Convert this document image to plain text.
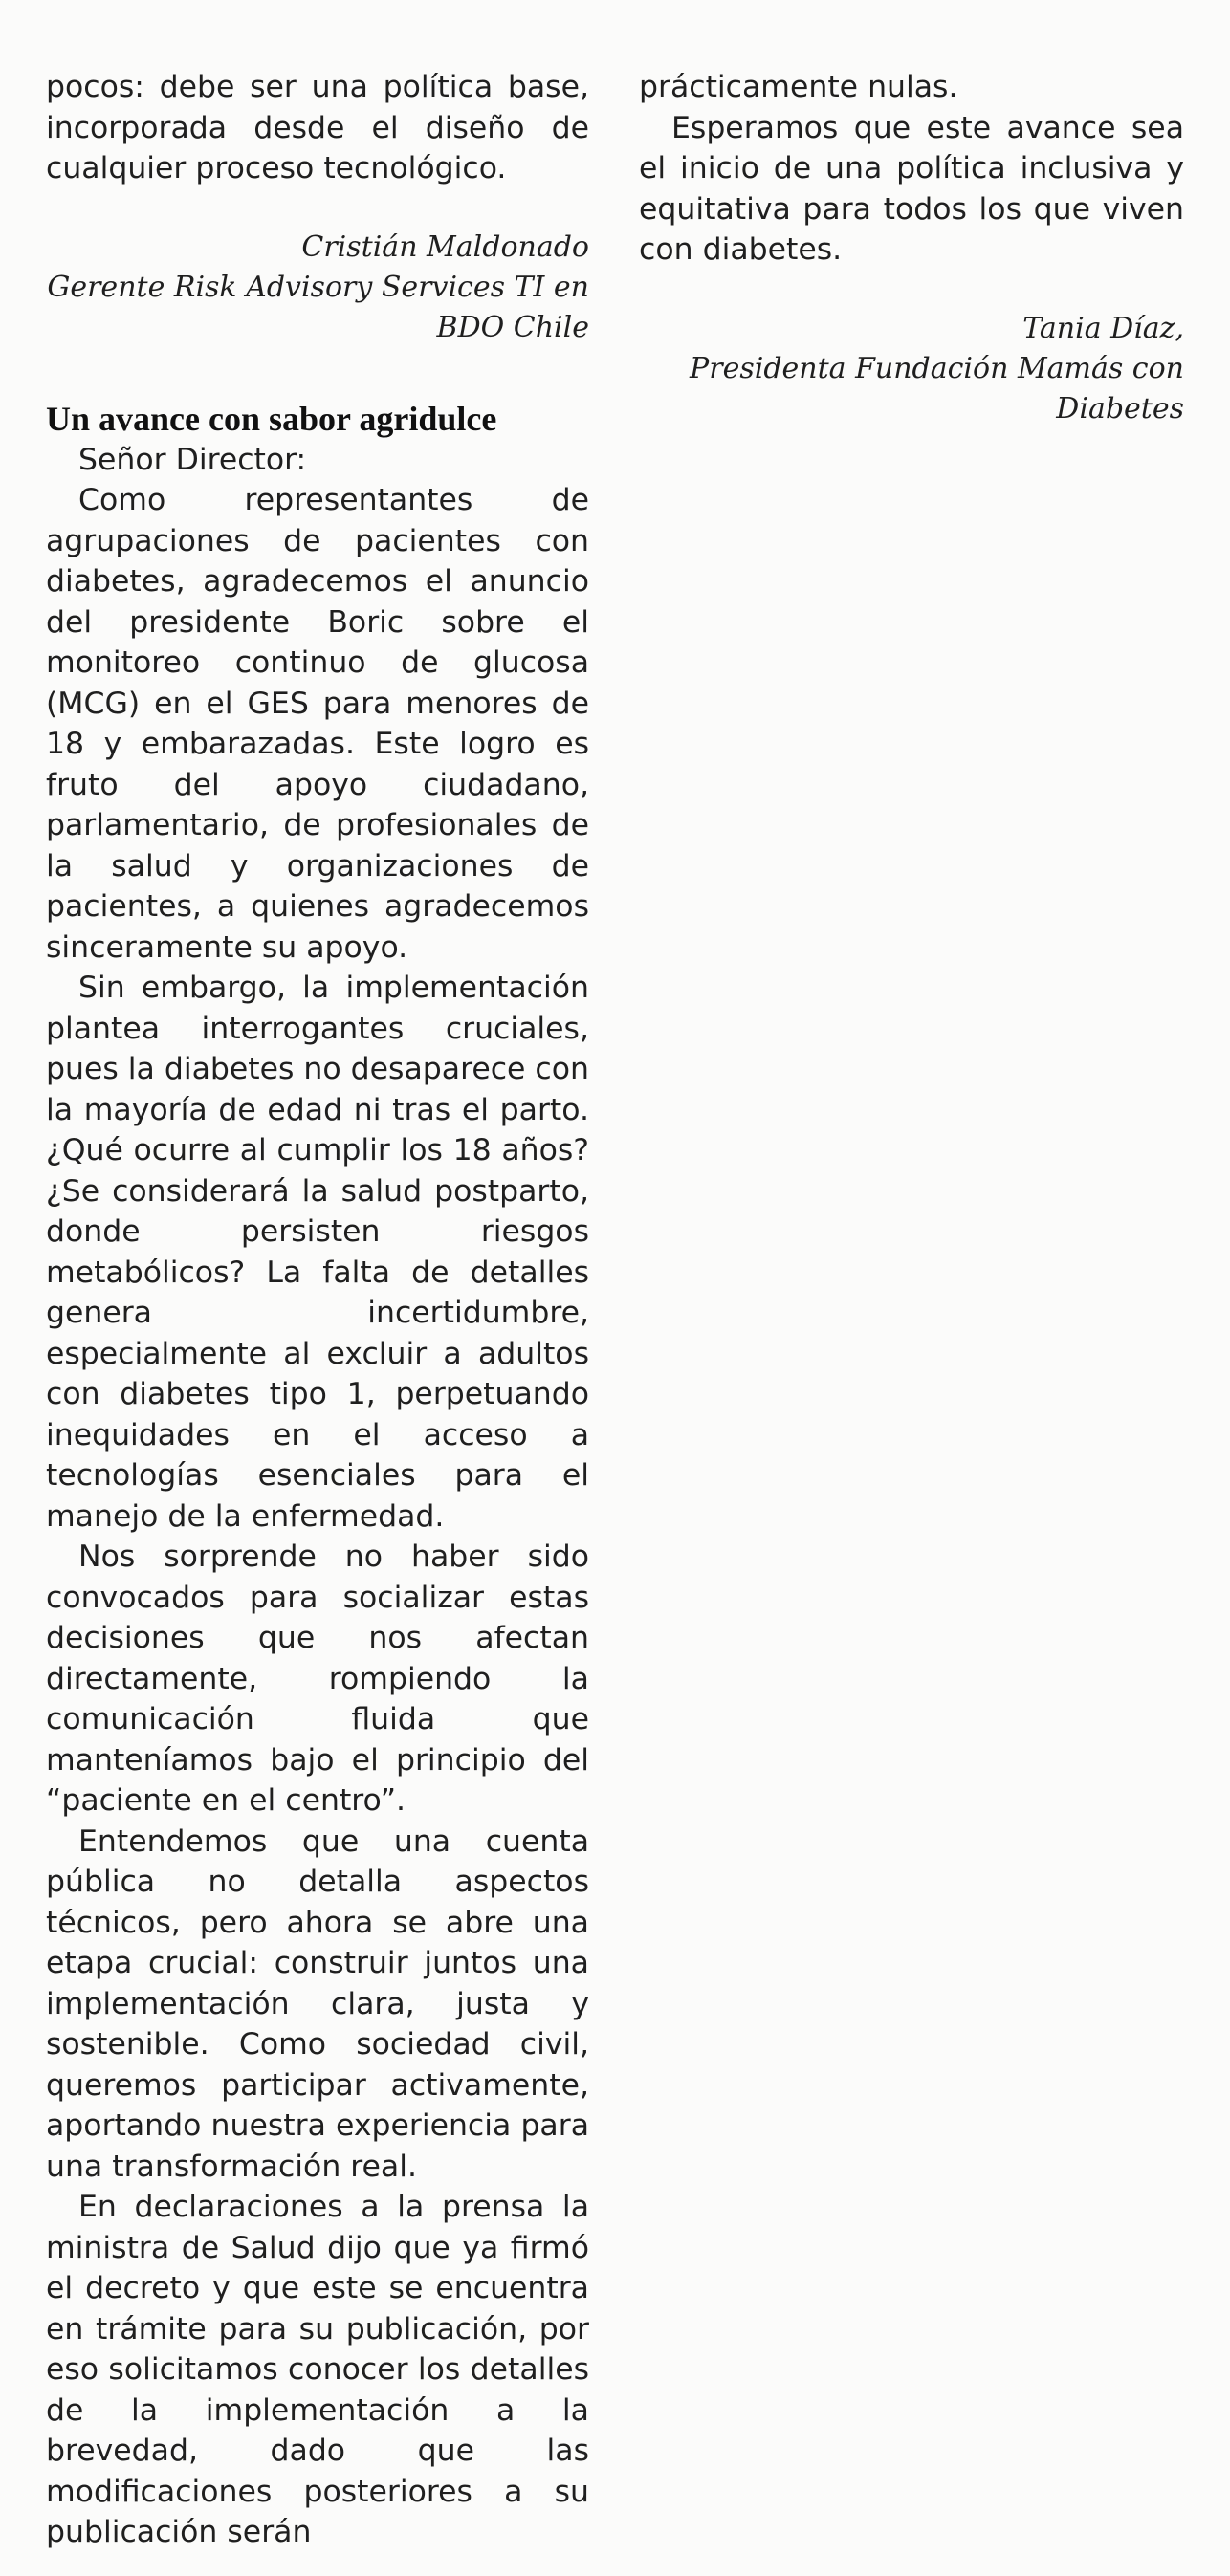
pocos: debe ser una política base, incorporada desde el diseño de cualquier proceso tecnológico.

Cristián Maldonado
Gerente Risk Advisory Services TI en
BDO Chile
Un avance con sabor agridulce

Señor Director:

Como representantes de agrupaciones de pacientes con diabetes, agradecemos el anuncio del presidente Boric sobre el monitoreo continuo de glucosa (MCG) en el GES para menores de 18 y embarazadas. Este logro es fruto del apoyo ciudadano, parlamentario, de profesionales de la salud y organizaciones de pacientes, a quienes agradecemos sinceramente su apoyo.

Sin embargo, la implementación plantea interrogantes cruciales, pues la diabetes no desaparece con la mayoría de edad ni tras el parto. ¿Qué ocurre al cumplir los 18 años? ¿Se considerará la salud postparto, donde persisten riesgos metabólicos? La falta de detalles genera incertidumbre, especialmente al excluir a adultos con diabetes tipo 1, perpetuando inequidades en el acceso a tecnologías esenciales para el manejo de la enfermedad.

Nos sorprende no haber sido convocados para socializar estas decisiones que nos afectan directamente, rompiendo la comunicación fluida que manteníamos bajo el principio del “paciente en el centro”.

Entendemos que una cuenta pública no detalla aspectos técnicos, pero ahora se abre una etapa crucial: construir juntos una implementación clara, justa y sostenible. Como sociedad civil, queremos participar activamente, aportando nuestra experiencia para una transformación real.

En declaraciones a la prensa la ministra de Salud dijo que ya firmó el decreto y que este se encuentra en trámite para su publicación, por eso solicitamos conocer los detalles de la implementación a la brevedad, dado que las modificaciones posteriores a su publicación serán

prácticamente nulas.

Esperamos que este avance sea el inicio de una política inclusiva y equitativa para todos los que viven con diabetes.

Tania Díaz,
Presidenta Fundación Mamás con
Diabetes
